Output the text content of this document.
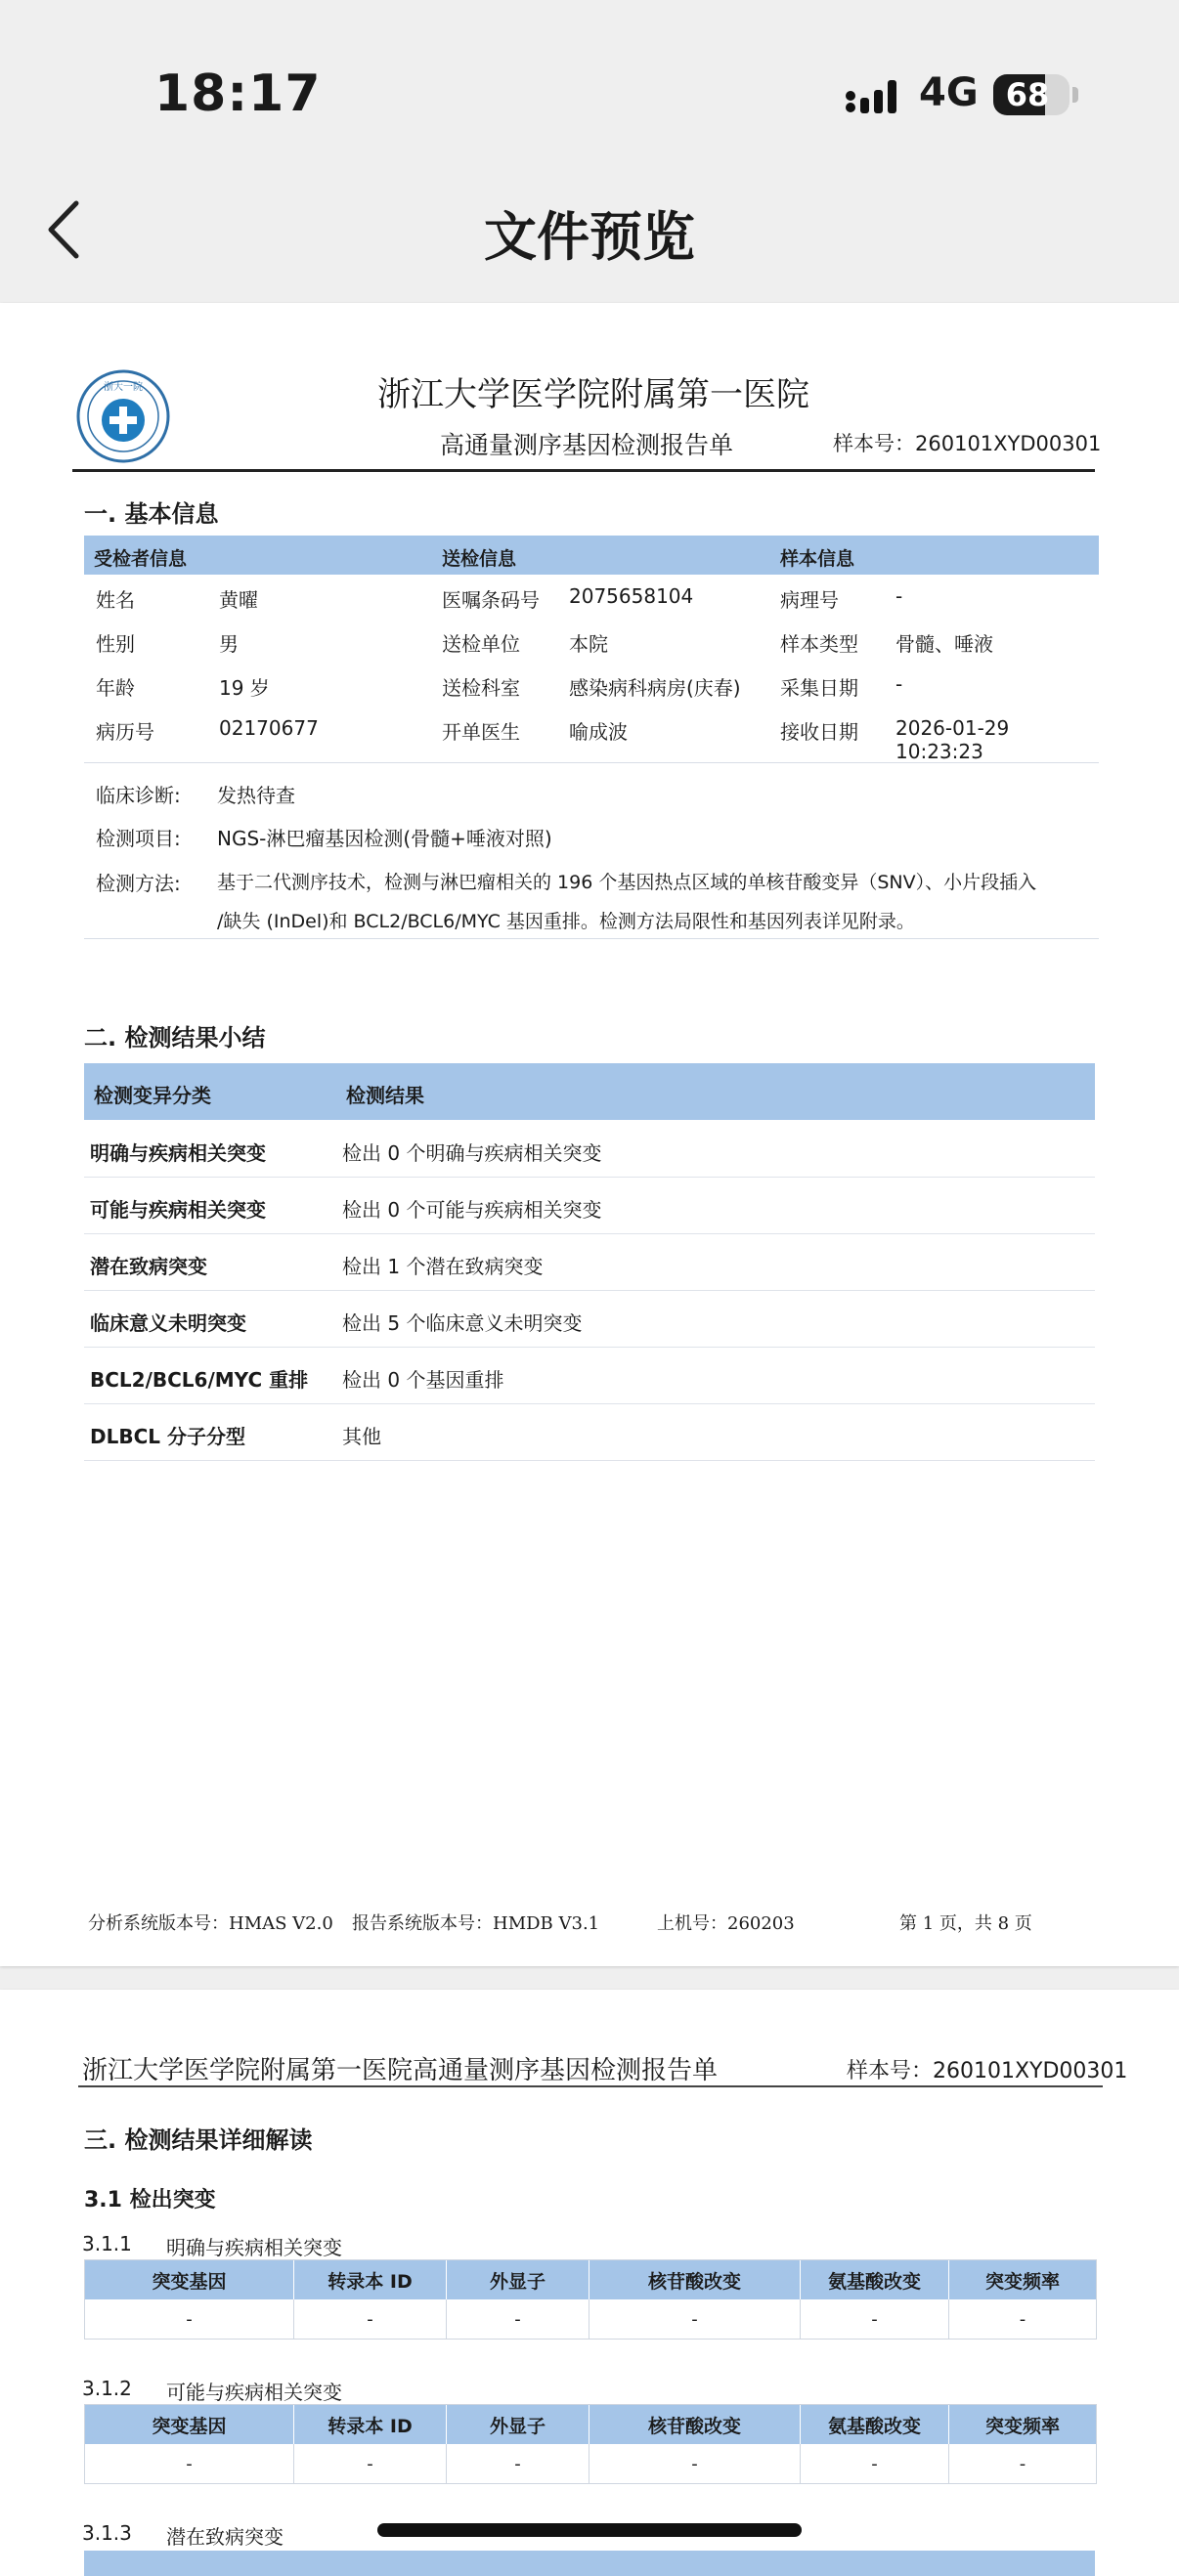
18:17	4G 68
文件预览
浙大一院	浙江大学医学院附属第一医院
高通量测序基因检测报告单	样本号：260101XYD00301
一. 基本信息
受检者信息	送检信息	样本信息
姓名	黄曜	医嘱条码号 2075658104	病理号	-
性别	男	送检单位	本院	样本类型 骨髓、唾液
年龄	19 岁	送检科室	感染病科病房(庆春) 采集日期 -
病历号	02170677	开单医生	喻成波	接收日期 2026-01-29 10:23:23
临床诊断: 发热待查
检测项目: NGS-淋巴瘤基因检测(骨髓+唾液对照)
检测方法: 基于二代测序技术，检测与淋巴瘤相关的 196 个基因热点区域的单核苷酸变异（SNV）、小片段插入
/缺失 (InDel)和 BCL2/BCL6/MYC 基因重排。检测方法局限性和基因列表详见附录。
二. 检测结果小结
检测变异分类	检测结果
明确与疾病相关突变	检出 0 个明确与疾病相关突变
可能与疾病相关突变	检出 0 个可能与疾病相关突变
潜在致病突变	检出 1 个潜在致病突变
临床意义未明突变	检出 5 个临床意义未明突变
BCL2/BCL6/MYC 重排 检出 0 个基因重排
DLBCL 分子分型	其他
分析系统版本号：HMAS V2.0 报告系统版本号：HMDB V3.1	上机号：260203	第 1 页，共 8 页
浙江大学医学院附属第一医院高通量测序基因检测报告单	样本号：260101XYD00301
三. 检测结果详细解读
3.1 检出突变
3.1.1 明确与疾病相关突变
突变基因	转录本 ID	外显子	核苷酸改变	氨基酸改变	突变频率
-	-	-	-	-	-
3.1.2 可能与疾病相关突变
突变基因	转录本 ID	外显子	核苷酸改变	氨基酸改变	突变频率
-	-	-	-	-	-
3.1.3 潜在致病突变
